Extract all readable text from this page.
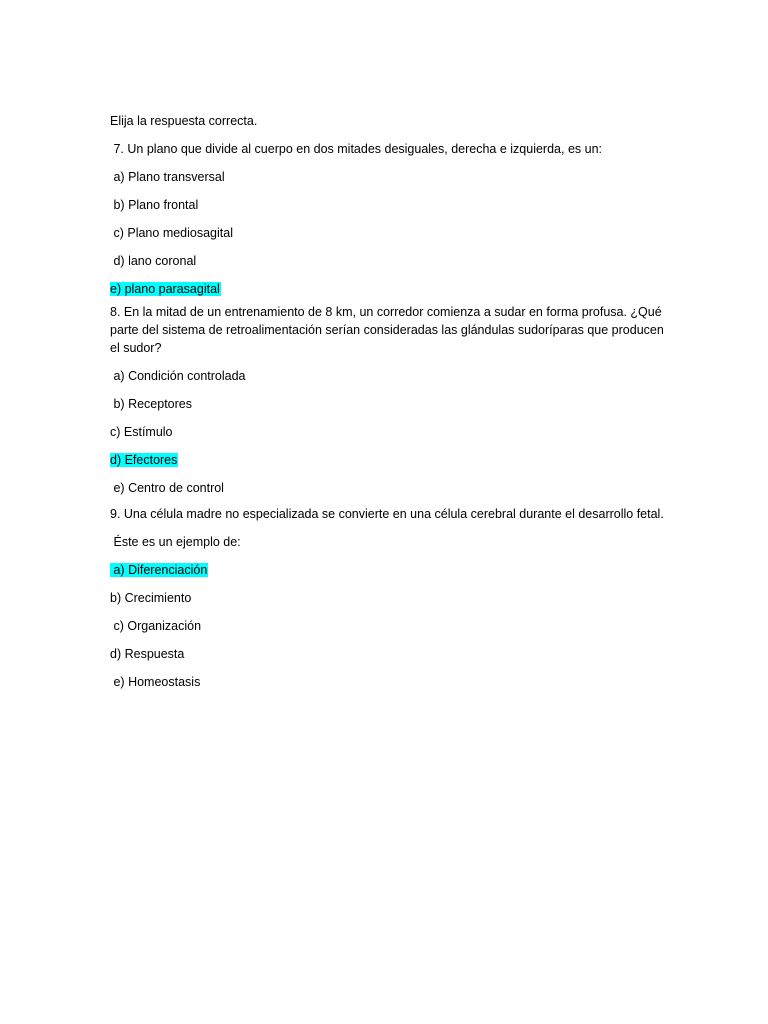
Elija la respuesta correcta.

7. Un plano que divide al cuerpo en dos mitades desiguales, derecha e izquierda, es un:

a) Plano transversal

b) Plano frontal

c) Plano mediosagital

d) lano coronal

e) plano parasagital

8. En la mitad de un entrenamiento de 8 km, un corredor comienza a sudar en forma profusa. ¿Qué parte del sistema de retroalimentación serían consideradas las glándulas sudoríparas que producen el sudor?

a) Condición controlada

b) Receptores

c) Estímulo

d) Efectores

e) Centro de control

9. Una célula madre no especializada se convierte en una célula cerebral durante el desarrollo fetal.

Éste es un ejemplo de:

a) Diferenciación

b) Crecimiento

c) Organización

d) Respuesta

e) Homeostasis
